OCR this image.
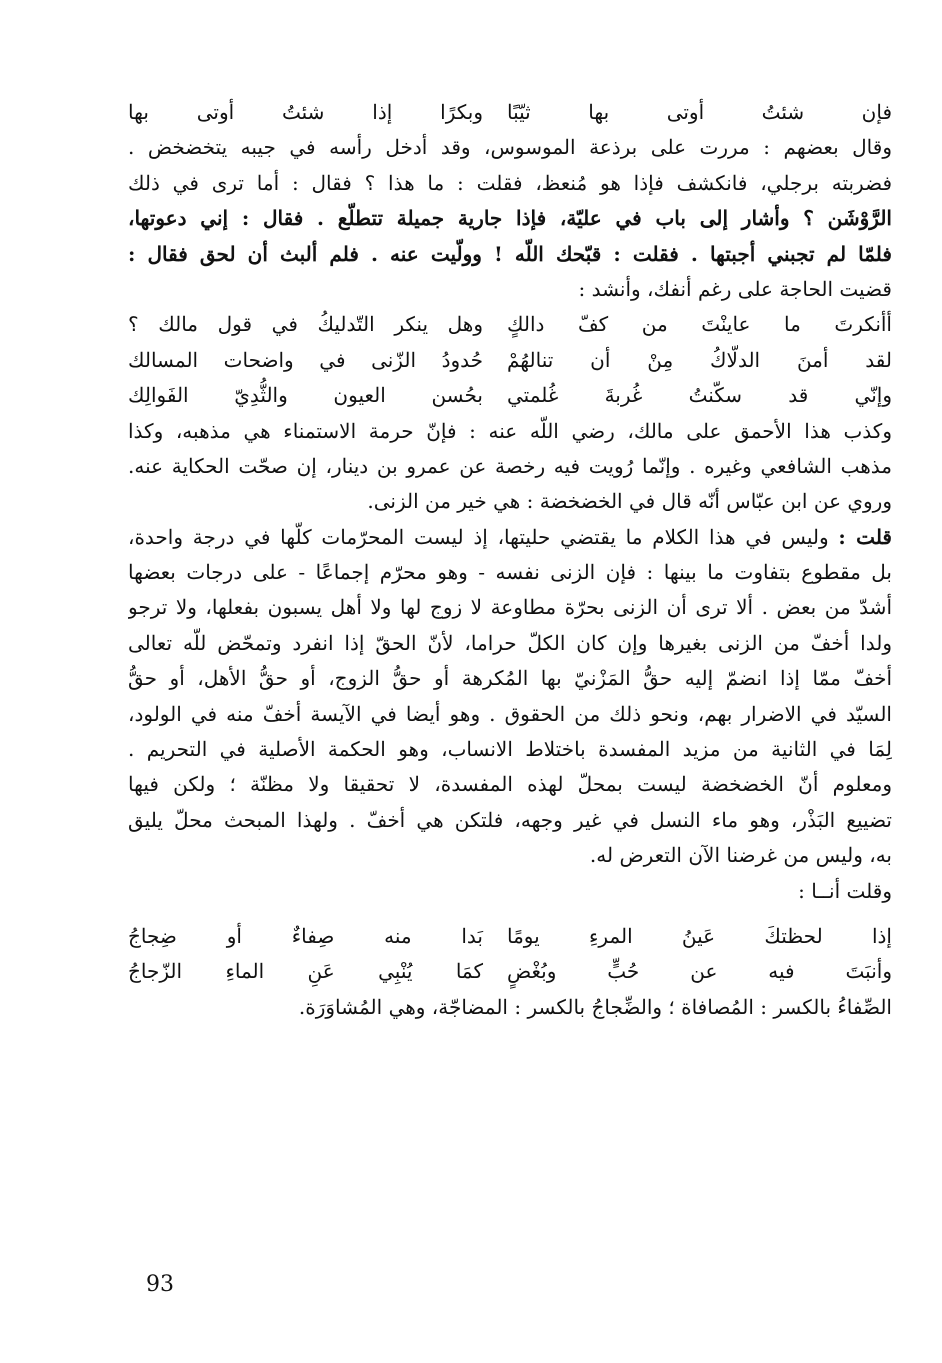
فإن شئتُ أوتى بها ثيّبًا
وبكرًا إذا شئتُ أوتى بها
وقال بعضهم : مررت على برذعة الموسوس، وقد أدخل رأسه في جيبه يتخضخض .
فضربته برجلي، فانكشف فإذا هو مُنعظ، فقلت : ما هذا ؟ فقال : أما ترى في ذلك
الرَّوْشَن ؟ وأشار إلى باب في عليّة، فإذا جارية جميلة تتطلّع . فقال : إني دعوتها،
فلمّا لم تجبني أجبتها . فقلت : قبّحك اللّه ! وولّيت عنه . فلم ألبث أن لحق فقال :
قضيت الحاجة على رغم أنفك، وأنشد :
أأنكرتَ ما عاينْتَ من كفّ دالكٍ
وهل ينكر التّدليكُ في قول مالك ؟
لقد أمنَ الدلّاكُ مِنْ أن تنالهُمْ
حُدودُ الزّنى في واضحات المسالك
وإنّي قد سكّنتُ غُربةَ غُلمتي
بحُسن العيون والثُّدِيّ الفَوالِك
وكذب هذا الأحمق على مالك، رضي اللّه عنه : فإنّ حرمة الاستمناء هي مذهبه، وكذا
مذهب الشافعي وغيره . وإنّما رُويت فيه رخصة عن عمرو بن دينار، إن صحّت الحكاية عنه.
وروي عن ابن عبّاس أنّه قال في الخضخضة : هي خير من الزنى.
قلت : وليس في هذا الكلام ما يقتضي حليتها، إذ ليست المحرّمات كلّها في درجة واحدة،
بل مقطوع بتفاوت ما بينها : فإن الزنى نفسه - وهو محرّم إجماعًا - على درجات بعضها
أشدّ من بعض . ألا ترى أن الزنى بحرّة مطاوعة لا زوج لها ولا أهل يسبون بفعلها، ولا ترجو
ولدا أخفّ من الزنى بغيرها وإن كان الكلّ حراما، لأنّ الحقّ إذا انفرد وتمحّض للّه تعالى
أخفّ ممّا إذا انضمّ إليه حقُّ المَزْنيّ بها المُكرهة أو حقُّ الزوج، أو حقُّ الأهل، أو حقُّ
السيّد في الاضرار بهم، ونحو ذلك من الحقوق . وهو أيضا في الآيسة أخفّ منه في الولود،
لِمَا في الثانية من مزيد المفسدة باختلاط الانساب، وهو الحكمة الأصلية في التحريم .
ومعلوم أنّ الخضخضة ليست بمحلّ لهذه المفسدة، لا تحقيقا ولا مظنّة ؛ ولكن فيها
تضييع البَذْر، وهو ماء النسل في غير وجهه، فلتكن هي أخفّ . ولهذا المبحث محلّ يليق
به، وليس من غرضنا الآن التعرض له.
وقلت أنــا :
إذا لحظتكَ عَينُ المرءِ يومًا
بَدا منه صِفاءٌ أو ضِجاجُ
وأنبَتَ فيه عن حُبٍّ وبُغْضٍ
كمَا يُنْبِي عَنِ الماءِ الزّجاجُ
الصِّفاءُ بالكسر : المُصافاة ؛ والضِّجاجُ بالكسر : المضاجّة، وهي المُشاوَرَة.
93
